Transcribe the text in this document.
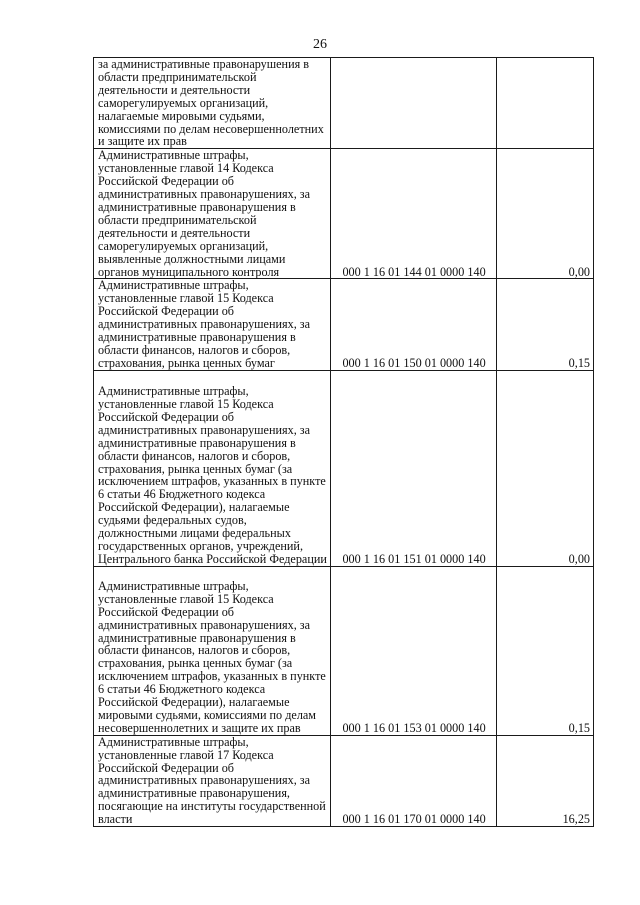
26
за административные правонарушения в области предпринимательской деятельности и деятельности саморегулируемых организаций, налагаемые мировыми судьями, комиссиями по делам несовершеннолетних и защите их прав		

Административные штрафы, установленные главой 14 Кодекса Российской Федерации об административных правонарушениях, за административные правонарушения в области предпринимательской деятельности и деятельности саморегулируемых организаций, выявленные должностными лицами органов муниципального контроля	000 1 16 01 144 01 0000 140	0,00

Административные штрафы, установленные главой 15 Кодекса Российской Федерации об административных правонарушениях, за административные правонарушения в области финансов, налогов и сборов, страхования, рынка ценных бумаг	000 1 16 01 150 01 0000 140	0,15

Административные штрафы, установленные главой 15 Кодекса Российской Федерации об административных правонарушениях, за административные правонарушения в области финансов, налогов и сборов, страхования, рынка ценных бумаг (за исключением штрафов, указанных в пункте 6 статьи 46 Бюджетного кодекса Российской Федерации), налагаемые судьями федеральных судов, должностными лицами федеральных государственных органов, учреждений, Центрального банка Российской Федерации	000 1 16 01 151 01 0000 140	0,00

Административные штрафы, установленные главой 15 Кодекса Российской Федерации об административных правонарушениях, за административные правонарушения в области финансов, налогов и сборов, страхования, рынка ценных бумаг (за исключением штрафов, указанных в пункте 6 статьи 46 Бюджетного кодекса Российской Федерации), налагаемые мировыми судьями, комиссиями по делам несовершеннолетних и защите их прав	000 1 16 01 153 01 0000 140	0,15

Административные штрафы, установленные главой 17 Кодекса Российской Федерации об административных правонарушениях, за административные правонарушения, посягающие на институты государственной власти	000 1 16 01 170 01 0000 140	16,25
